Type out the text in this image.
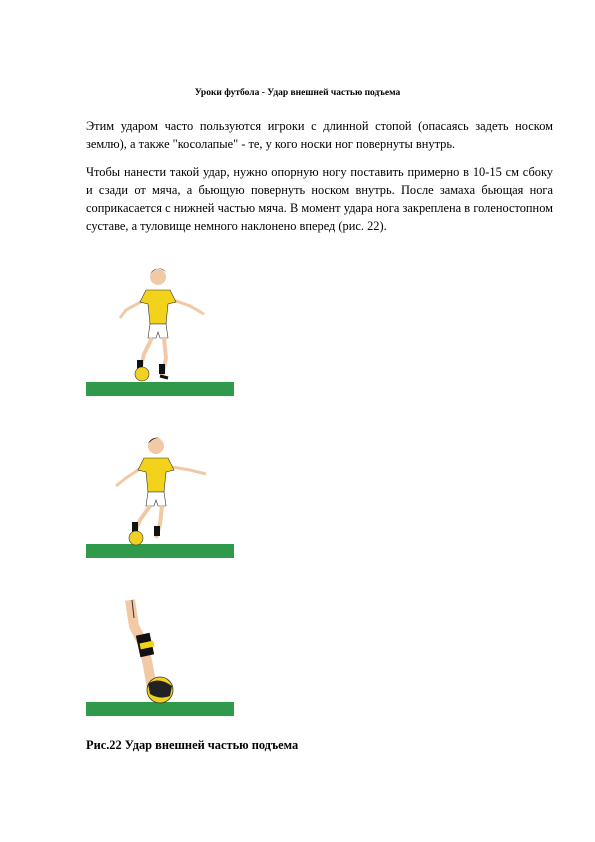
Уроки футбола - Удар внешней частью подъема

Этим ударом часто пользуются игроки с длинной стопой (опасаясь задеть носком землю), а также "косолапые" - те, у кого носки ног повернуты внутрь.

Чтобы нанести такой удар, нужно опорную ногу поставить примерно в 10-15 см сбоку и сзади от мяча, а бьющую повернуть носком внутрь. После замаха бьющая нога соприкасается с нижней частью мяча. В момент удара нога закреплена в голеностопном суставе, а туловище немного наклонено вперед (рис. 22).

Рис.22 Удар внешней частью подъема
